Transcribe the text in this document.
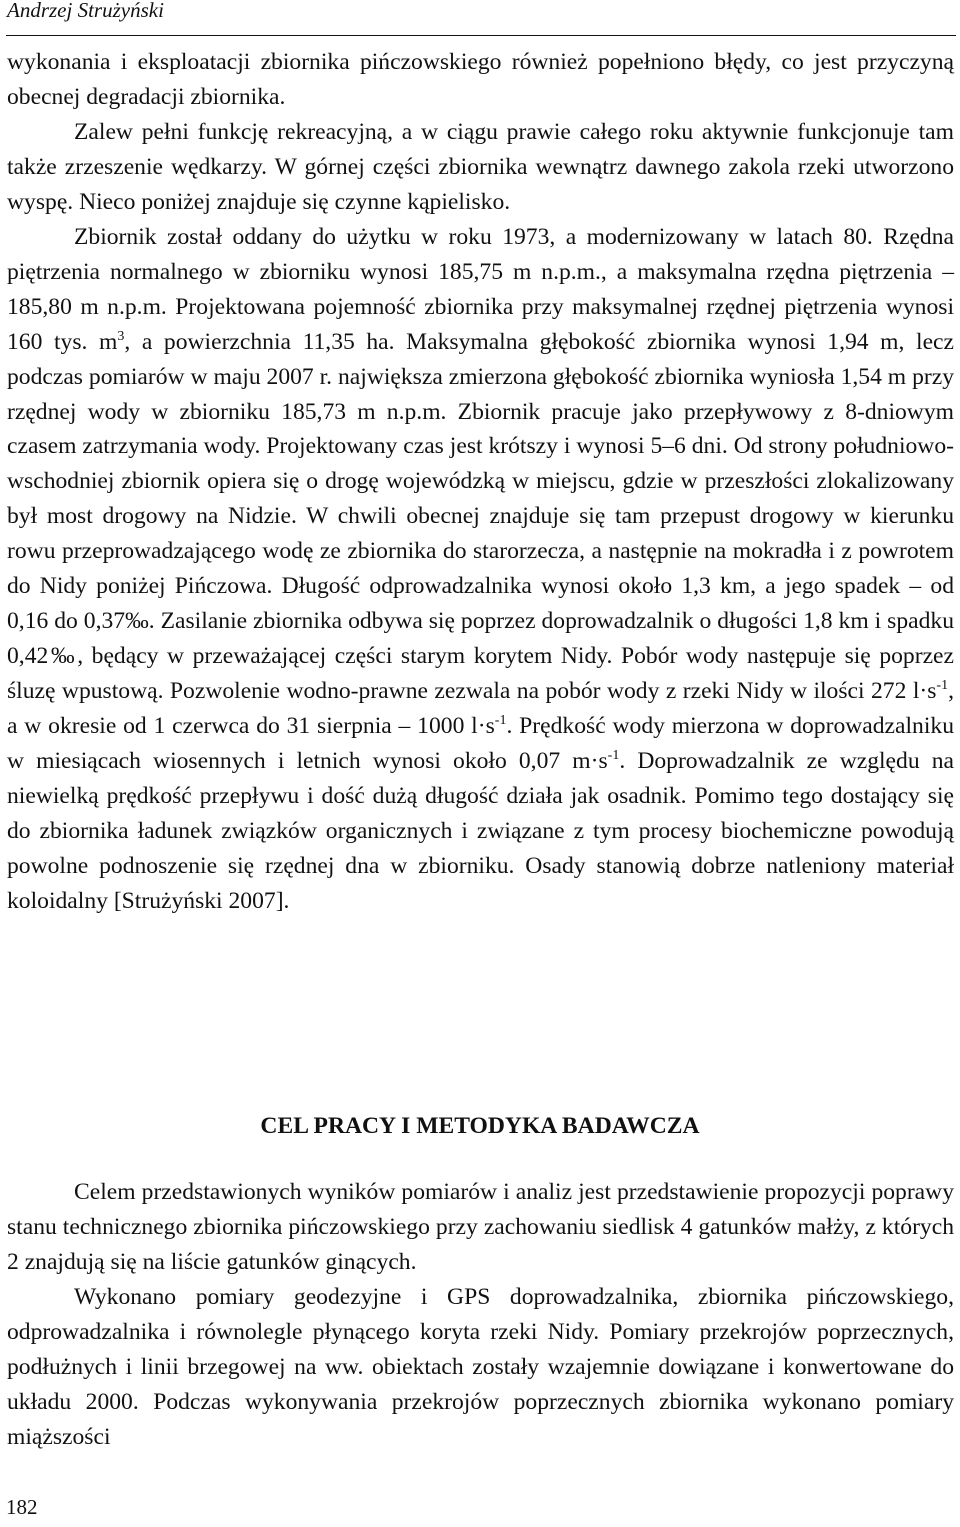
Andrzej Strużyński

wykonania i eksploatacji zbiornika pińczowskiego również popełniono błędy, co jest przyczyną obecnej degradacji zbiornika.

Zalew pełni funkcję rekreacyjną, a w ciągu prawie całego roku aktywnie funkcjonuje tam także zrzeszenie wędkarzy. W górnej części zbiornika wewnątrz dawnego zakola rzeki utworzono wyspę. Nieco poniżej znajduje się czynne kąpielisko.

Zbiornik został oddany do użytku w roku 1973, a modernizowany w latach 80. Rzędna piętrzenia normalnego w zbiorniku wynosi 185,75 m n.p.m., a maksymalna rzędna piętrzenia – 185,80 m n.p.m. Projektowana pojemność zbiornika przy maksymalnej rzędnej piętrzenia wynosi 160 tys. $m^3$, a powierzchnia 11,35 ha. Maksymalna głębokość zbiornika wynosi 1,94 m, lecz podczas pomiarów w maju 2007 r. największa zmierzona głębokość zbiornika wyniosła 1,54 m przy rzędnej wody w zbiorniku 185,73 m n.p.m. Zbiornik pracuje jako przepływowy z 8-dniowym czasem zatrzymania wody. Projektowany czas jest krótszy i wynosi 5–6 dni. Od strony południowo-wschodniej zbiornik opiera się o drogę wojewódzką w miejscu, gdzie w przeszłości zlokalizowany był most drogowy na Nidzie. W chwili obecnej znajduje się tam przepust drogowy w kierunku rowu przeprowadzającego wodę ze zbiornika do starorzecza, a następnie na mokradła i z powrotem do Nidy poniżej Pińczowa. Długość odprowadzalnika wynosi około 1,3 km, a jego spadek – od 0,16 do 0,37‰. Zasilanie zbiornika odbywa się poprzez doprowadzalnik o długości 1,8 km i spadku 0,42‰, będący w przeważającej części starym korytem Nidy. Pobór wody następuje się poprzez śluzę wpustową. Pozwolenie wodno-prawne zezwala na pobór wody z rzeki Nidy w ilości 272 $l\cdot s^{-1}$, a w okresie od 1 czerwca do 31 sierpnia – 1000 $l\cdot s^{-1}$. Prędkość wody mierzona w doprowadzalniku w miesiącach wiosennych i letnich wynosi około 0,07 $m\cdot s^{-1}$. Doprowadzalnik ze względu na niewielką prędkość przepływu i dość dużą długość działa jak osadnik. Pomimo tego dostający się do zbiornika ładunek związków organicznych i związane z tym procesy biochemiczne powodują powolne podnoszenie się rzędnej dna w zbiorniku. Osady stanowią dobrze natleniony materiał koloidalny [Strużyński 2007].

CEL PRACY I METODYKA BADAWCZA

Celem przedstawionych wyników pomiarów i analiz jest przedstawienie propozycji poprawy stanu technicznego zbiornika pińczowskiego przy zachowaniu siedlisk 4 gatunków małży, z których 2 znajdują się na liście gatunków ginących.

Wykonano pomiary geodezyjne i GPS doprowadzalnika, zbiornika pińczowskiego, odprowadzalnika i równolegle płynącego koryta rzeki Nidy. Pomiary przekrojów poprzecznych, podłużnych i linii brzegowej na ww. obiektach zostały wzajemnie dowiązane i konwertowane do układu 2000. Podczas wykonywania przekrojów poprzecznych zbiornika wykonano pomiary miąższości

182
